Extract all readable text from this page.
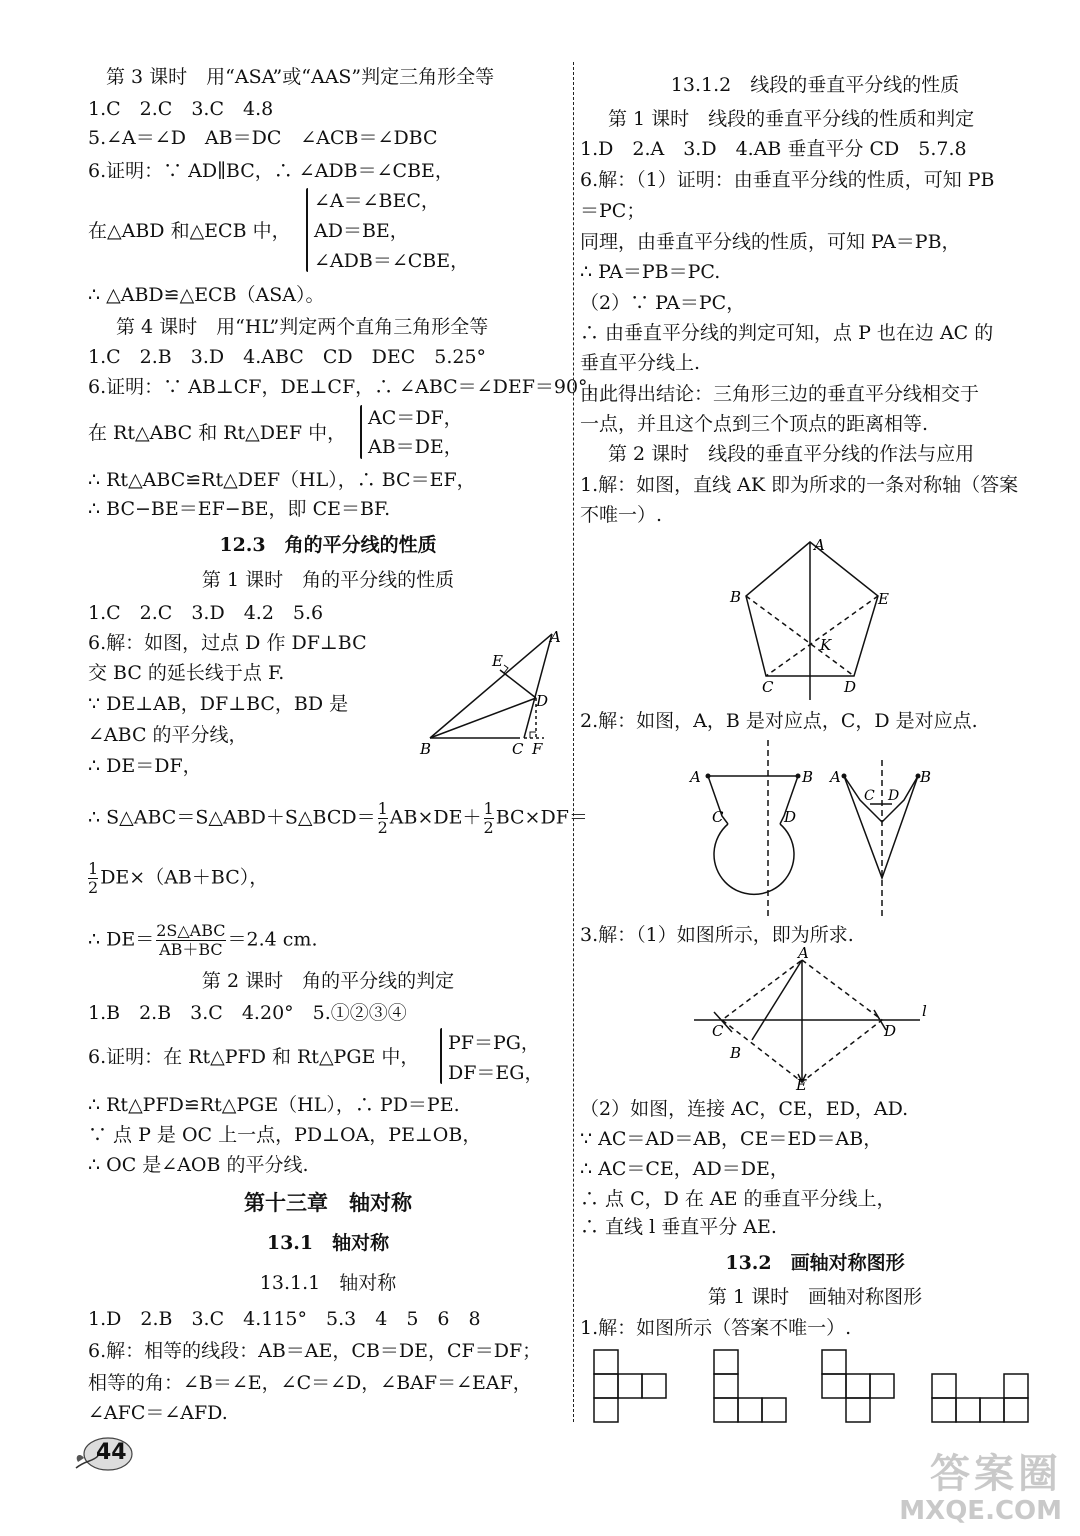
第 3 课时　用“ASA”或“AAS”判定三角形全等
1.C　2.C　3.C　4.8
5.∠A＝∠D　AB＝DC　∠ACB＝∠DBC
6.证明：∵ AD∥BC，∴ ∠ADB＝∠CBE，
在△ABD 和△ECB 中，
∠A＝∠BEC，
AD＝BE，
∠ADB＝∠CBE，
∴ △ABD≌△ECB（ASA）。
第 4 课时　用“HL”判定两个直角三角形全等
1.C　2.B　3.D　4.ABC　CD　DEC　5.25°
6.证明：∵ AB⊥CF，DE⊥CF，∴ ∠ABC＝∠DEF＝90°.
在 Rt△ABC 和 Rt△DEF 中，
AC＝DF，
AB＝DE，
∴ Rt△ABC≌Rt△DEF（HL），∴ BC＝EF，
∴ BC−BE＝EF−BE，即 CE＝BF.
12.3　角的平分线的性质
第 1 课时　角的平分线的性质
1.C　2.C　3.D　4.2　5.6
6.解：如图，过点 D 作 DF⊥BC
交 BC 的延长线于点 F.
∵ DE⊥AB，DF⊥BC，BD 是
∠ABC 的平分线，
∴ DE＝DF，
∴ S△ABC＝S△ABD＋S△BCD＝ $\frac{1}{2} AB\times DE+ \frac{1}{2} BC\times DF=$
$\frac{1}{2} DE\times(AB+BC)$，
∴ DE＝ 2S△ABC
AB＋BC ＝2.4 cm.
第 2 课时　角的平分线的判定
1.B　2.B　3.C　4.20°　5.①②③④
6.证明：在 Rt△PFD 和 Rt△PGE 中，
PF＝PG，
DF＝EG，
∴ Rt△PFD≌Rt△PGE（HL），∴ PD＝PE.
∵ 点 P 是 OC 上一点，PD⊥OA，PE⊥OB，
∴ OC 是∠AOB 的平分线.
第十三章　轴对称
13.1　轴对称
13.1.1　轴对称
1.D　2.B　3.C　4.115°　5.3　4　5　6　8
6.解：相等的线段：AB＝AE，CB＝DE，CF＝DF；
相等的角：∠B＝∠E，∠C＝∠D，∠BAF＝∠EAF，
∠AFC＝∠AFD.
A
B	C
D
E
F
13.1.2　线段的垂直平分线的性质
第 1 课时　线段的垂直平分线的性质和判定
1.D　2.A　3.D　4.AB 垂直平分 CD　5.7.8
6.解：（1）证明：由垂直平分线的性质，可知 PB
＝PC；
同理，由垂直平分线的性质，可知 PA＝PB，
∴ PA＝PB＝PC.
（2）∵ PA＝PC，
∴ 由垂直平分线的判定可知，点 P 也在边 AC 的
垂直平分线上.
由此得出结论：三角形三边的垂直平分线相交于
一点，并且这个点到三个顶点的距离相等.
第 2 课时　线段的垂直平分线的作法与应用
1.解：如图，直线 AK 即为所求的一条对称轴（答案
不唯一）.
2.解：如图，A，B 是对应点，C，D 是对应点.
3.解：（1）如图所示，即为所求.
（2）如图，连接 AC，CE，ED，AD.
∵ AC＝AD＝AB，CE＝ED＝AB，
∴ AC＝CE，AD＝DE，
∴ 点 C，D 在 AE 的垂直平分线上，
∴ 直线 l 垂直平分 AE.
13.2　画轴对称图形
第 1 课时　画轴对称图形
1.解：如图所示（答案不唯一）.
A
B
C	D
E
K
A	B
C	D
A	B
C D
A
B
C	D
E
l
44	答案圈
MXQE.COM
